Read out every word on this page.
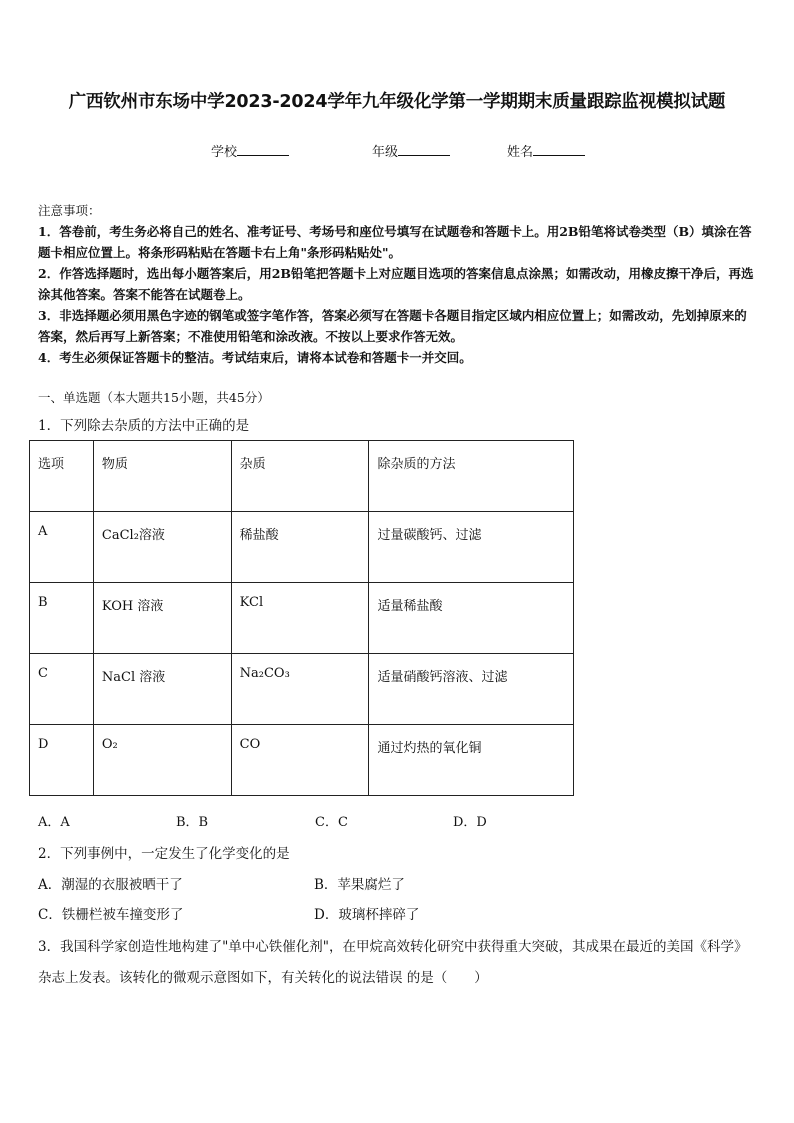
广西钦州市东场中学2023-2024学年九年级化学第一学期期末质量跟踪监视模拟试题
学校	年级	姓名

注意事项：

1．答卷前，考生务必将自己的姓名、准考证号、考场号和座位号填写在试题卷和答题卡上。用2B铅笔将试卷类型（B）填涂在答题卡相应位置上。将条形码粘贴在答题卡右上角"条形码粘贴处"。

2．作答选择题时，选出每小题答案后，用2B铅笔把答题卡上对应题目选项的答案信息点涂黑；如需改动，用橡皮擦干净后，再选涂其他答案。答案不能答在试题卷上。

3．非选择题必须用黑色字迹的钢笔或签字笔作答，答案必须写在答题卡各题目指定区域内相应位置上；如需改动，先划掉原来的答案，然后再写上新答案；不准使用铅笔和涂改液。不按以上要求作答无效。

4．考生必须保证答题卡的整洁。考试结束后，请将本试卷和答题卡一并交回。

一、单选题（本大题共15小题，共45分）
1．下列除去杂质的方法中正确的是
选项	物质	杂质	除杂质的方法
A	CaCl₂溶液	稀盐酸	过量碳酸钙、过滤
B	KOH 溶液	KCl	适量稀盐酸
C	NaCl 溶液	Na₂CO₃	适量硝酸钙溶液、过滤
D	O₂	CO	通过灼热的氧化铜
A．A	B．B	C．C	D．D
2．下列事例中，一定发生了化学变化的是
A．潮湿的衣服被晒干了	B．苹果腐烂了
C．铁栅栏被车撞变形了	D．玻璃杯摔碎了
3．我国科学家创造性地构建了"单中心铁催化剂"，在甲烷高效转化研究中获得重大突破，其成果在最近的美国《科学》杂志上发表。该转化的微观示意图如下，有关转化的说法错误 的是（　　）
